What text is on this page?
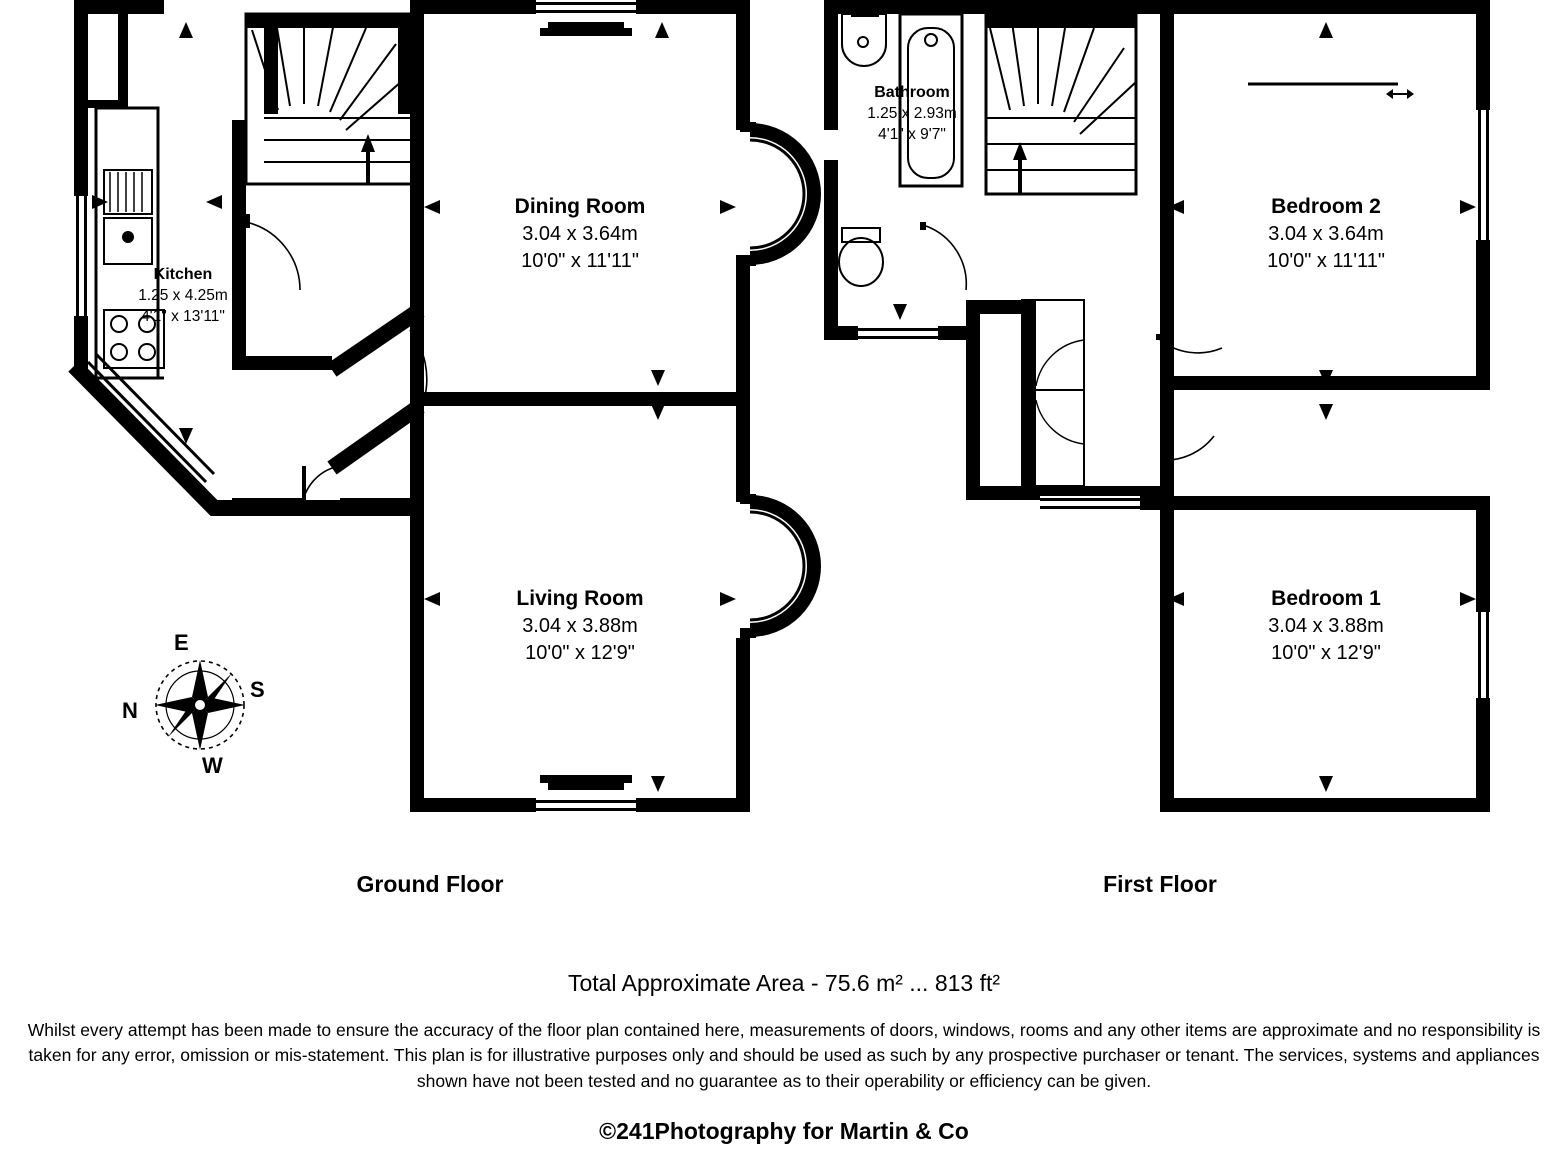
Kitchen
1.25 x 4.25m
4'1" x 13'11"
Dining Room
3.04 x 3.64m
10'0" x 11'11"
Living Room
3.04 x 3.88m
10'0" x 12'9"
Bathroom
1.25 x 2.93m
4'1" x 9'7"
Bedroom 2
3.04 x 3.64m
10'0" x 11'11"
Bedroom 1
3.04 x 3.88m
10'0" x 12'9"
E
S
W
N
Ground Floor	First Floor
Total Approximate Area - 75.6 m² ... 813 ft²
Whilst every attempt has been made to ensure the accuracy of the floor plan contained here, measurements of doors, windows, rooms and any other items are approximate and no responsibility is taken for any error, omission or mis-statement. This plan is for illustrative purposes only and should be used as such by any prospective purchaser or tenant. The services, systems and appliances shown have not been tested and no guarantee as to their operability or efficiency can be given.
©241Photography for Martin & Co
